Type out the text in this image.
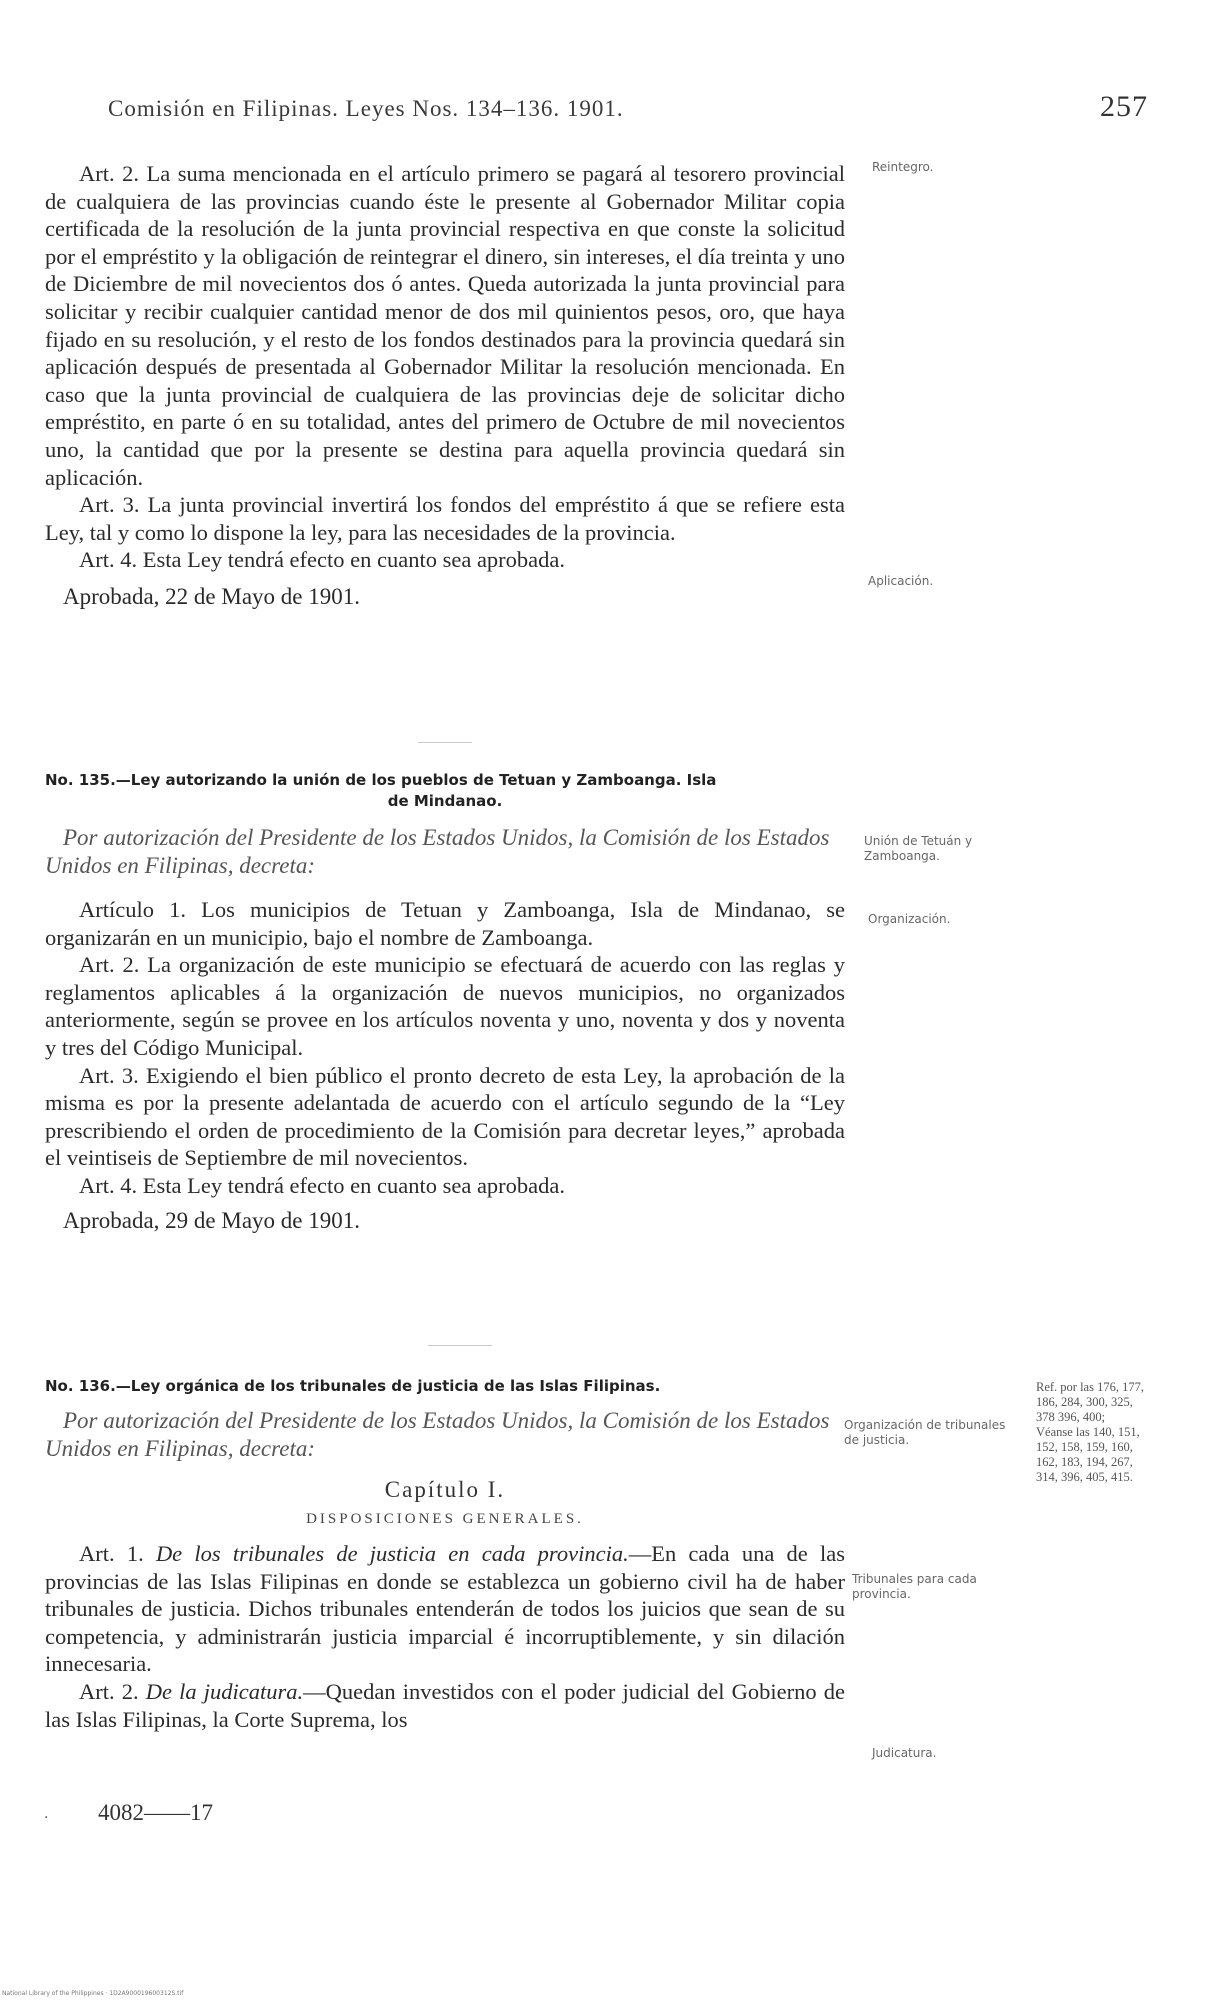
Comisión en Filipinas. Leyes Nos. 134–136. 1901.	257

Art. 2. La suma mencionada en el artículo primero se pagará al tesorero provincial de cualquiera de las provincias cuando éste le presente al Gobernador Militar copia certificada de la resolución de la junta provincial respectiva en que conste la solicitud por el empréstito y la obligación de reintegrar el dinero, sin intereses, el día treinta y uno de Diciembre de mil novecientos dos ó antes. Queda autorizada la junta provincial para solicitar y recibir cualquier cantidad menor de dos mil quinientos pesos, oro, que haya fijado en su resolución, y el resto de los fondos destinados para la provincia quedará sin aplicación después de presentada al Gobernador Militar la resolución mencionada. En caso que la junta provincial de cualquiera de las provincias deje de solicitar dicho empréstito, en parte ó en su totalidad, antes del primero de Octubre de mil novecientos uno, la cantidad que por la presente se destina para aquella provincia quedará sin aplicación.

Art. 3. La junta provincial invertirá los fondos del empréstito á que se refiere esta Ley, tal y como lo dispone la ley, para las necesidades de la provincia.

Art. 4. Esta Ley tendrá efecto en cuanto sea aprobada.

Aprobada, 22 de Mayo de 1901.

No. 135.—Ley autorizando la unión de los pueblos de Tetuan y Zamboanga. Isla

de Mindanao.

Por autorización del Presidente de los Estados Unidos, la Comisión de los Estados Unidos en Filipinas, decreta:

Artículo 1. Los municipios de Tetuan y Zamboanga, Isla de Mindanao, se organizarán en un municipio, bajo el nombre de Zamboanga.

Art. 2. La organización de este municipio se efectuará de acuerdo con las reglas y reglamentos aplicables á la organización de nuevos municipios, no organizados anteriormente, según se provee en los artículos noventa y uno, noventa y dos y noventa y tres del Código Municipal.

Art. 3. Exigiendo el bien público el pronto decreto de esta Ley, la aprobación de la misma es por la presente adelantada de acuerdo con el artículo segundo de la “Ley prescribiendo el orden de procedimiento de la Comisión para decretar leyes,” aprobada el veintiseis de Septiembre de mil novecientos.

Art. 4. Esta Ley tendrá efecto en cuanto sea aprobada.

Aprobada, 29 de Mayo de 1901.

No. 136.—Ley orgánica de los tribunales de justicia de las Islas Filipinas.

Por autorización del Presidente de los Estados Unidos, la Comisión de los Estados Unidos en Filipinas, decreta:

Capítulo I.

DISPOSICIONES GENERALES.

Art. 1. De los tribunales de justicia en cada provincia.—En cada una de las provincias de las Islas Filipinas en donde se establezca un gobierno civil ha de haber tribunales de justicia. Dichos tribunales entenderán de todos los juicios que sean de su competencia, y administrarán justicia imparcial é incorruptiblemente, y sin dilación innecesaria.

Art. 2. De la judicatura.—Quedan investidos con el poder judicial del Gobierno de las Islas Filipinas, la Corte Suprema, los

Reintegro.
Aplicación.
Unión de Tetuán y Zamboanga.
Organización.
Organización de tribunales de justicia.
Tribunales para cada provincia.
Judicatura.
Ref. por las 176, 177, 186, 284, 300, 325, 378 396, 400;
Véanse las 140, 151, 152, 158, 159, 160, 162, 183, 194, 267, 314, 396, 405, 415.
. 4082——17
National Library of the Philippines · 1D2A900019600312S.tif
